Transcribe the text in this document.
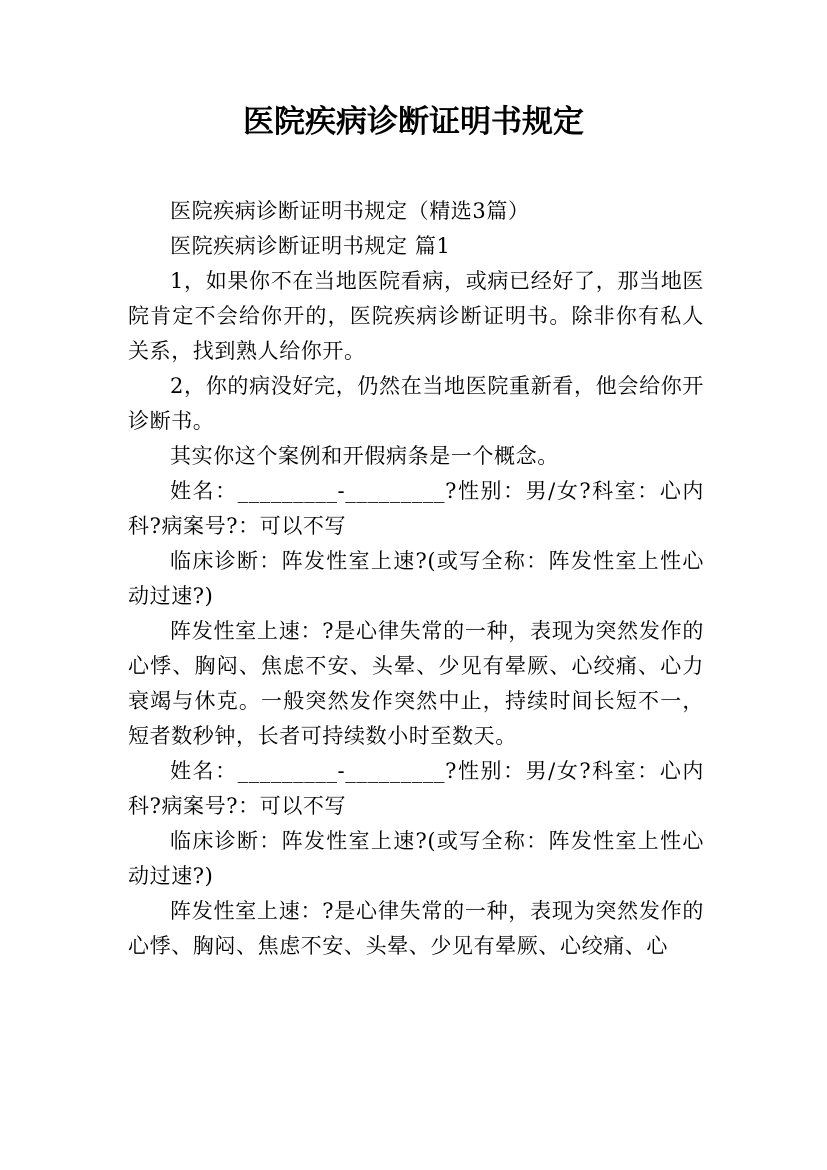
医院疾病诊断证明书规定

医院疾病诊断证明书规定（精选3篇）

医院疾病诊断证明书规定 篇1

1，如果你不在当地医院看病，或病已经好了，那当地医院肯定不会给你开的，医院疾病诊断证明书。除非你有私人关系，找到熟人给你开。

2，你的病没好完，仍然在当地医院重新看，他会给你开诊断书。

其实你这个案例和开假病条是一个概念。

姓名：_________-_________?性别：男/女?科室：心内科?病案号?：可以不写

临床诊断：阵发性室上速?(或写全称：阵发性室上性心动过速?)

阵发性室上速：?是心律失常的一种，表现为突然发作的心悸、胸闷、焦虑不安、头晕、少见有晕厥、心绞痛、心力衰竭与休克。一般突然发作突然中止，持续时间长短不一，短者数秒钟，长者可持续数小时至数天。

姓名：_________-_________?性别：男/女?科室：心内科?病案号?：可以不写

临床诊断：阵发性室上速?(或写全称：阵发性室上性心动过速?)

阵发性室上速：?是心律失常的一种，表现为突然发作的心悸、胸闷、焦虑不安、头晕、少见有晕厥、心绞痛、心
